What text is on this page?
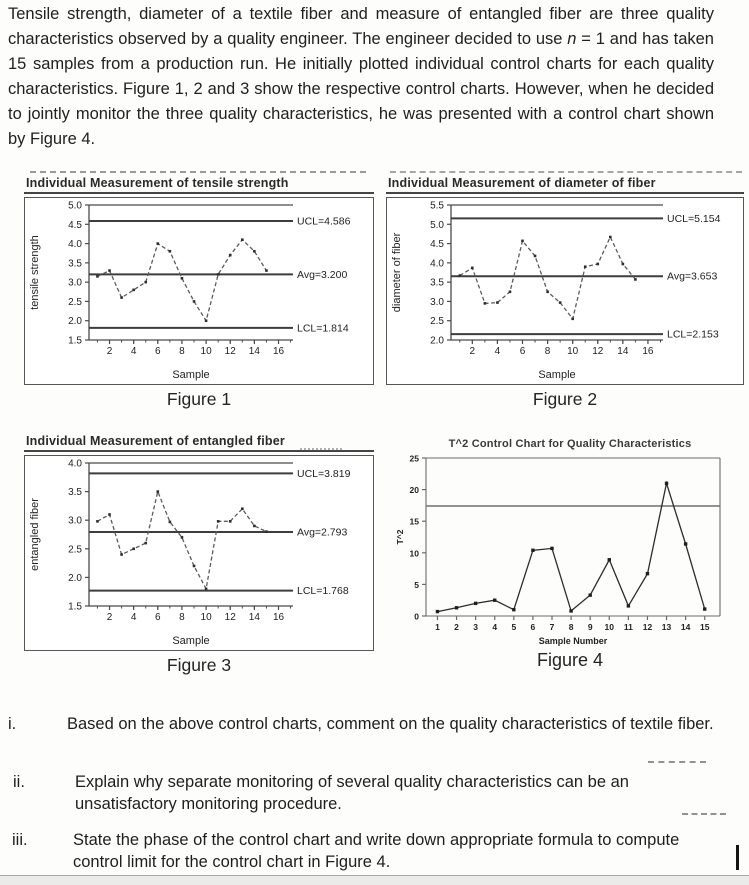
Tensile strength, diameter of a textile fiber and measure of entangled fiber are three quality characteristics observed by a quality engineer. The engineer decided to use n = 1 and has taken 15 samples from a production run. He initially plotted individual control charts for each quality characteristics. Figure 1, 2 and 3 show the respective control charts. However, when he decided to jointly monitor the three quality characteristics, he was presented with a control chart shown by Figure 4.

Individual Measurement of tensile strength
1.5
2.0
2.5
3.0
3.5
4.0
4.5
5.0
2 4 6 8 10 12 14 16
UCL=4.586
Avg=3.200
LCL=1.814
tensile strength
Sample
Figure 1
Individual Measurement of diameter of fiber
2.0
2.5
3.0
3.5
4.0
4.5
5.0
5.5
2 4 6 8 10 12 14 16
UCL=5.154
Avg=3.653
LCL=2.153
diameter of fiber
Sample
Figure 2
Individual Measurement of entangled fiber
1.5
2.0
2.5
3.0
3.5
4.0
2 4 6 8 10 12 14 16
UCL=3.819
Avg=2.793
LCL=1.768
entangled fiber
Sample
Figure 3
T^2 Control Chart for Quality Characteristics
0
5
10
15
20
25
1 2 3 4 5 6 7 8 9 10 11 12 13 14 15
T^2
Sample Number
Figure 4
i.	Based on the above control charts, comment on the quality characteristics of textile fiber.
ii.	Explain why separate monitoring of several quality characteristics can be an unsatisfactory monitoring procedure.
iii.	State the phase of the control chart and write down appropriate formula to compute control limit for the control chart in Figure 4.
